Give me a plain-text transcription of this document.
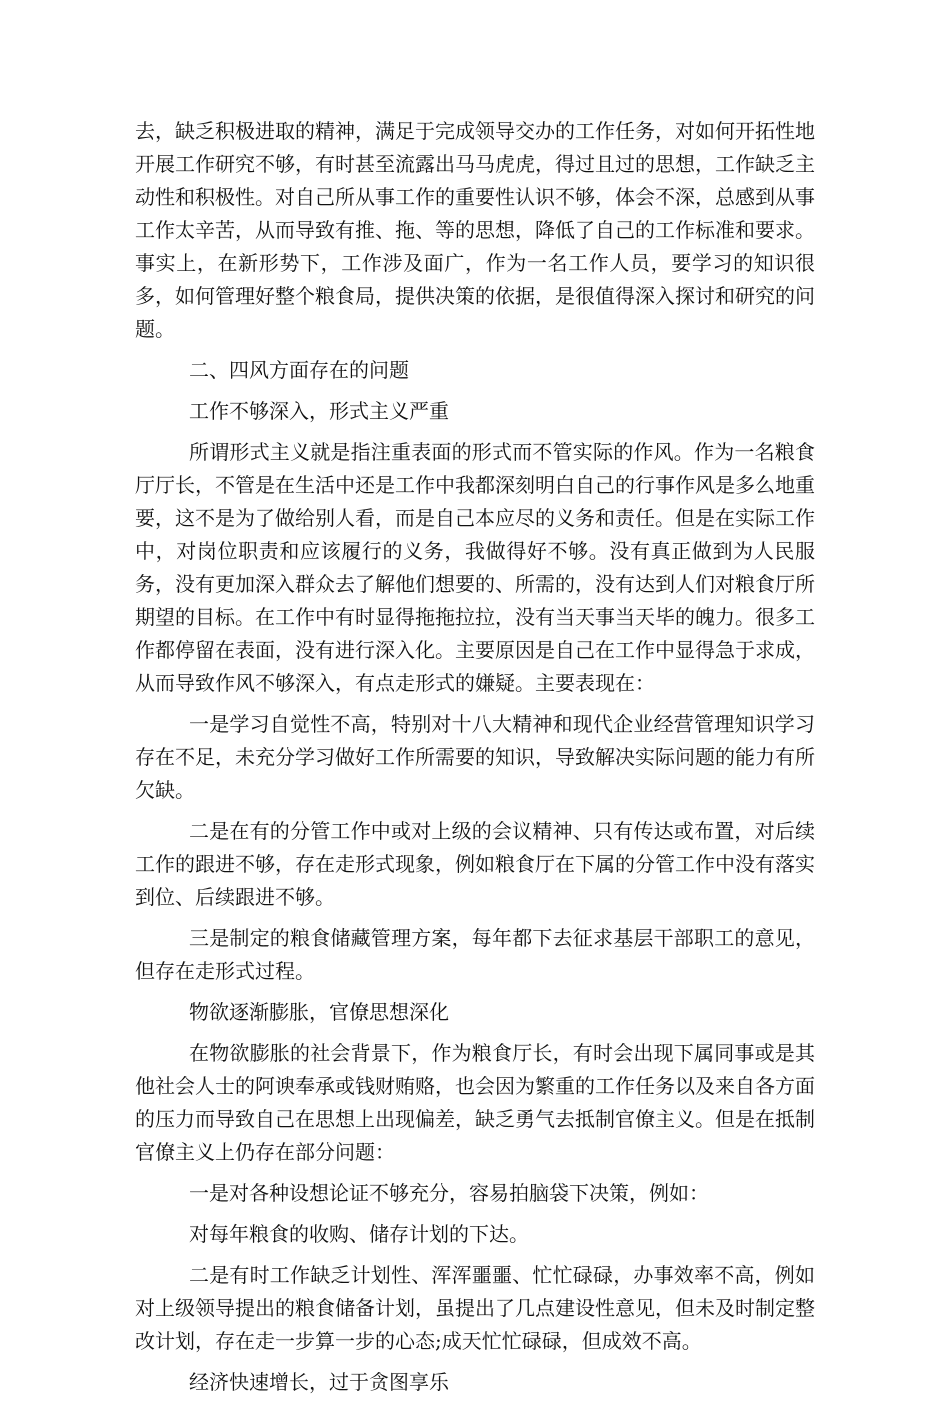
去，缺乏积极进取的精神，满足于完成领导交办的工作任务，对如何开拓性地开展工作研究不够，有时甚至流露出马马虎虎，得过且过的思想，工作缺乏主动性和积极性。对自己所从事工作的重要性认识不够，体会不深，总感到从事工作太辛苦，从而导致有推、拖、等的思想，降低了自己的工作标准和要求。事实上，在新形势下，工作涉及面广，作为一名工作人员，要学习的知识很多，如何管理好整个粮食局，提供决策的依据，是很值得深入探讨和研究的问题。

二、四风方面存在的问题

工作不够深入，形式主义严重

所谓形式主义就是指注重表面的形式而不管实际的作风。作为一名粮食厅厅长，不管是在生活中还是工作中我都深刻明白自己的行事作风是多么地重要，这不是为了做给别人看，而是自己本应尽的义务和责任。但是在实际工作中，对岗位职责和应该履行的义务，我做得好不够。没有真正做到为人民服务，没有更加深入群众去了解他们想要的、所需的，没有达到人们对粮食厅所期望的目标。在工作中有时显得拖拖拉拉，没有当天事当天毕的魄力。很多工作都停留在表面，没有进行深入化。主要原因是自己在工作中显得急于求成，从而导致作风不够深入，有点走形式的嫌疑。主要表现在：

一是学习自觉性不高，特别对十八大精神和现代企业经营管理知识学习存在不足，未充分学习做好工作所需要的知识，导致解决实际问题的能力有所欠缺。

二是在有的分管工作中或对上级的会议精神、只有传达或布置，对后续工作的跟进不够，存在走形式现象，例如粮食厅在下属的分管工作中没有落实到位、后续跟进不够。

三是制定的粮食储藏管理方案，每年都下去征求基层干部职工的意见，但存在走形式过程。

物欲逐渐膨胀，官僚思想深化

在物欲膨胀的社会背景下，作为粮食厅长，有时会出现下属同事或是其他社会人士的阿谀奉承或钱财贿赂，也会因为繁重的工作任务以及来自各方面的压力而导致自己在思想上出现偏差，缺乏勇气去抵制官僚主义。但是在抵制官僚主义上仍存在部分问题：

一是对各种设想论证不够充分，容易拍脑袋下决策，例如：

对每年粮食的收购、储存计划的下达。

二是有时工作缺乏计划性、浑浑噩噩、忙忙碌碌，办事效率不高，例如对上级领导提出的粮食储备计划，虽提出了几点建设性意见，但未及时制定整改计划，存在走一步算一步的心态;成天忙忙碌碌，但成效不高。

经济快速增长，过于贪图享乐
